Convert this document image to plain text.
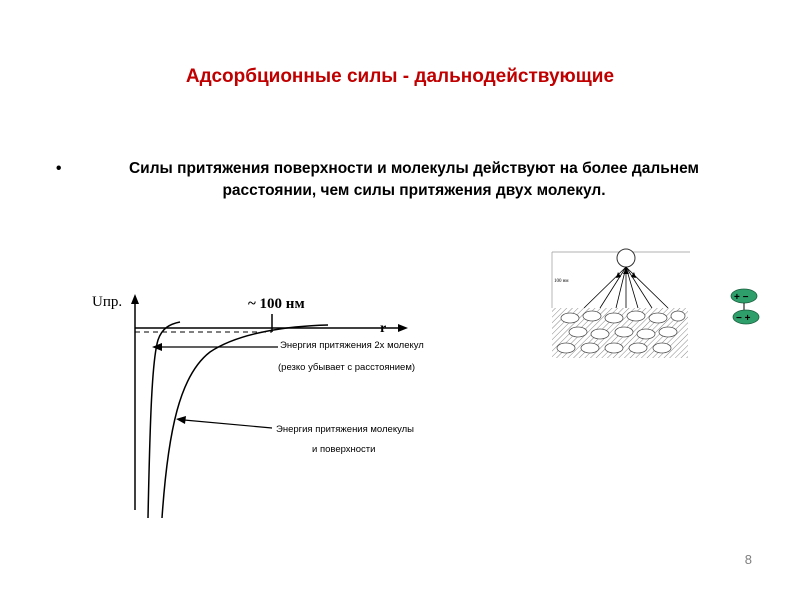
Адсорбционные силы - дальнодействующие
•	Силы притяжения поверхности и молекулы действуют на более дальнем расстоянии, чем силы притяжения двух молекул.
Uпр.
r
~ 100 нм
Энергия притяжения 2х молекул
(резко убывает с расстоянием)
Энергия притяжения молекулы
и поверхности
100 нм
+ −
− +
8
